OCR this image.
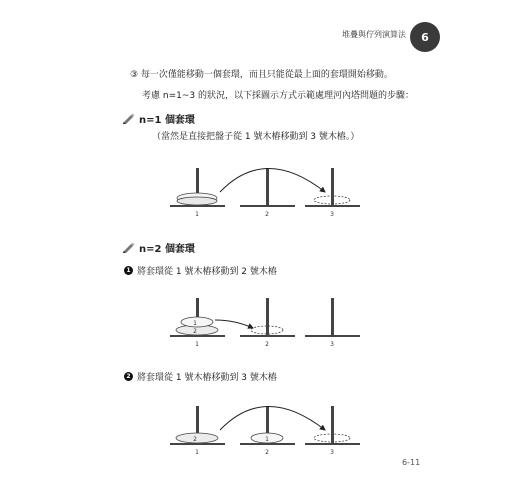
堆疊與佇列演算法	6
③ 每一次僅能移動一個套環，而且只能從最上面的套環開始移動。
考慮 n=1~3 的狀況，以下採圖示方式示範處理河內塔問題的步驟：
n=1 個套環
（當然是直接把盤子從 1 號木樁移動到 3 號木樁。）
1	2	3
n=2 個套環
1 將套環從 1 號木樁移動到 2 號木樁
1
2
1	2	3
2 將套環從 1 號木樁移動到 3 號木樁
2	1
1	2	3
6-11
